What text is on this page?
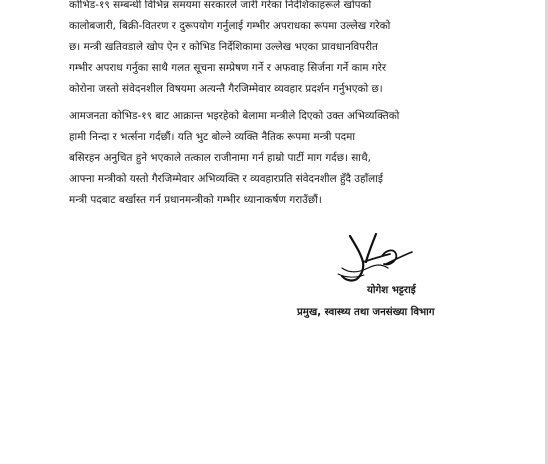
कोभिड-१९ सम्बन्धी विभिन्न समयमा सरकारले जारी गरेका निर्देशिकाहरूले खोपको
कालोबजारी, बिक्री-वितरण र दुरूपयोग गर्नुलाई गम्भीर अपराधका रूपमा उल्लेख गरेको
छ। मन्त्री खतिवडाले खोप ऐन र कोभिड निर्देशिकामा उल्लेख भएका प्रावधानविपरीत
गम्भीर अपराध गर्नुका साथै गलत सूचना सम्प्रेषण गर्ने र अफवाह सिर्जना गर्ने काम गरेर
कोरोना जस्तो संवेदनशील विषयमा अत्यन्तै गैरजिम्मेवार व्यवहार प्रदर्शन गर्नुभएको छ।

आमजनता कोभिड-१९ बाट आक्रान्त भइरहेको बेलामा मन्त्रीले दिएको उक्त अभिव्यक्तिको
हामी निन्दा र भर्त्सना गर्दछौं। यति भुट बोल्ने व्यक्ति नैतिक रूपमा मन्त्री पदमा
बसिरहन अनुचित हुने भएकाले तत्काल राजीनामा गर्न हाम्रो पार्टी माग गर्दछ। साथै,
आफ्ना मन्त्रीको यस्तो गैरजिम्मेवार अभिव्यक्ति र व्यवहारप्रति संवेदनशील हुँदै उहाँलाई
मन्त्री पदबाट बर्खास्त गर्न प्रधानमन्त्रीको गम्भीर ध्यानाकर्षण गराउँछौं।

योगेश भट्टराई
प्रमुख, स्वास्थ्य तथा जनसंख्या विभाग
